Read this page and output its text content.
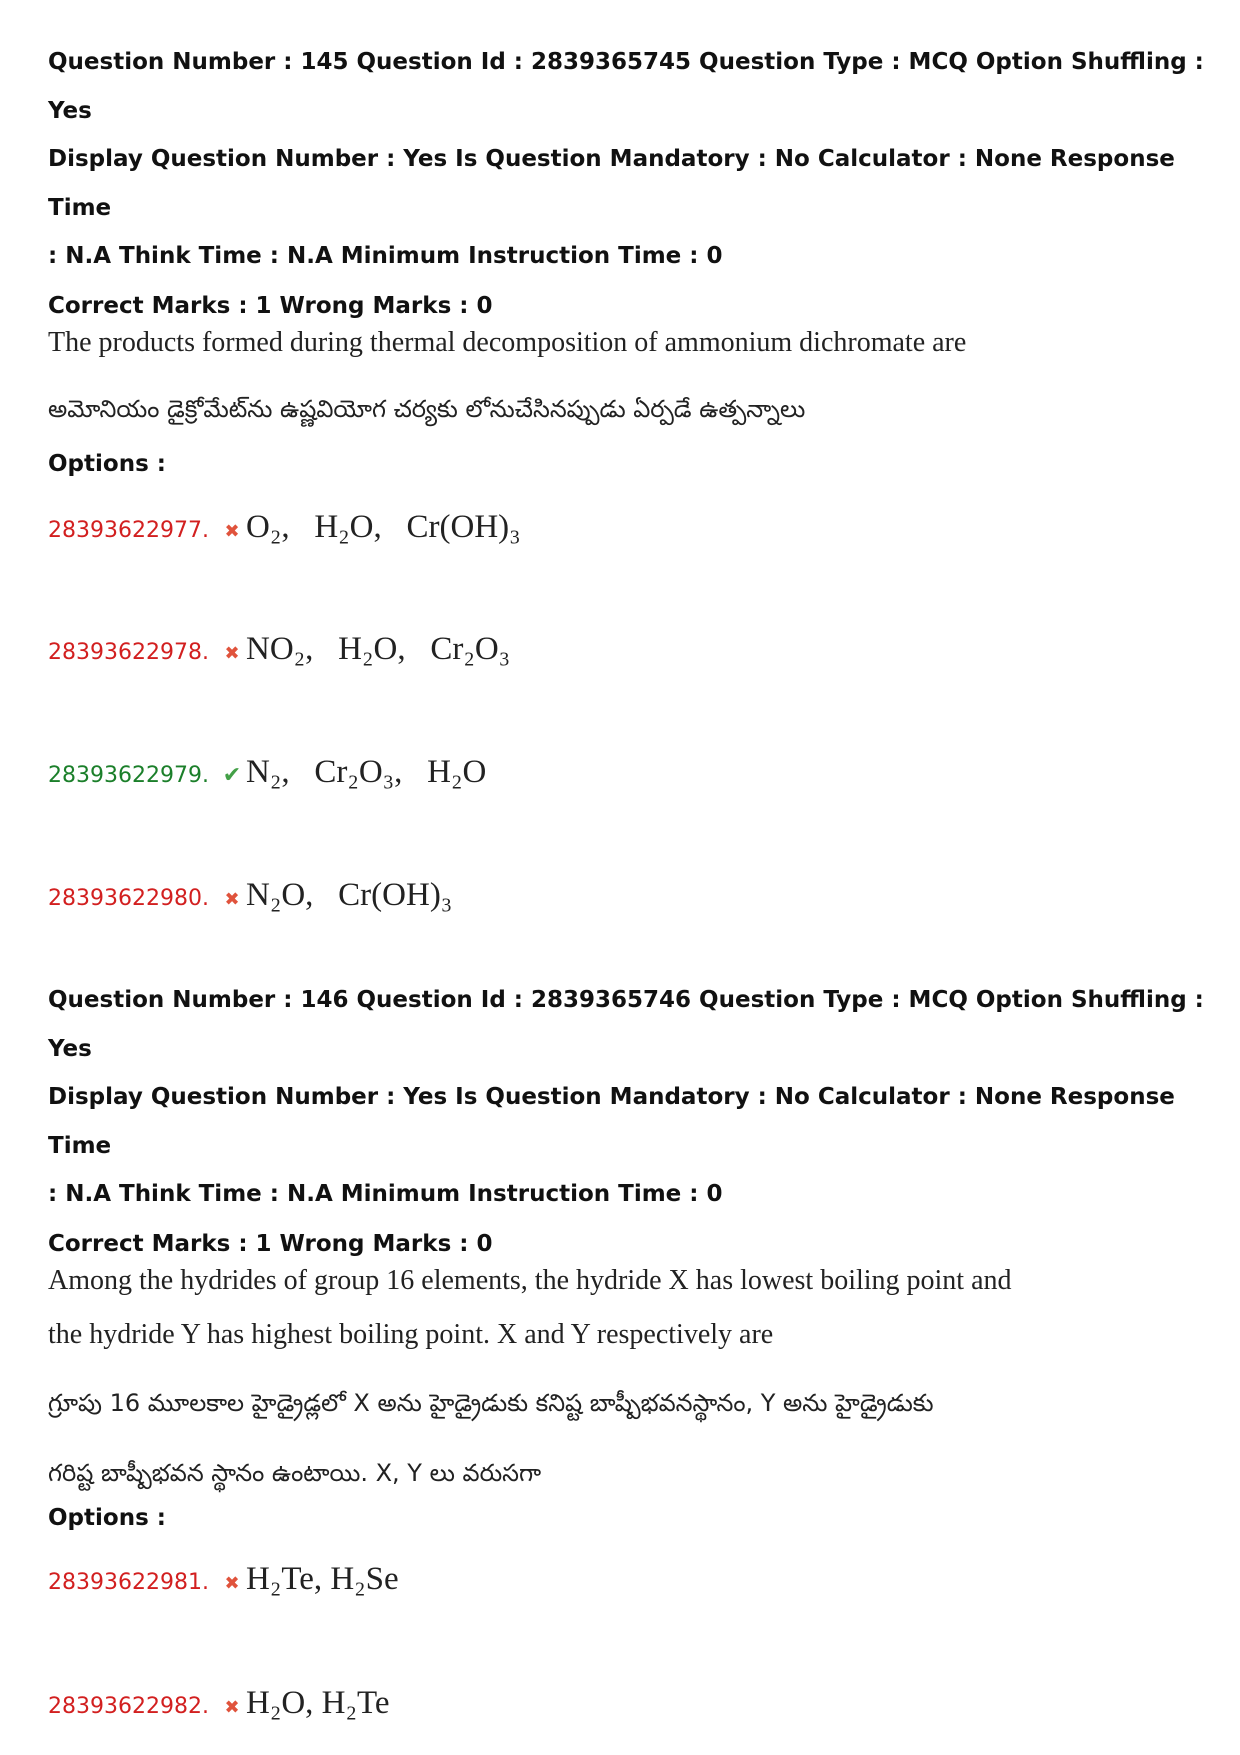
Question Number : 145 Question Id : 2839365745 Question Type : MCQ Option Shuffling : Yes
Display Question Number : Yes Is Question Mandatory : No Calculator : None Response Time
: N.A Think Time : N.A Minimum Instruction Time : 0
Correct Marks : 1 Wrong Marks : 0
The products formed during thermal decomposition of ammonium dichromate are
అమోనియం డైక్రోమేట్‌ను ఉష్ణవియోగ చర్యకు లోనుచేసినప్పుడు ఏర్పడే ఉత్పన్నాలు
Options :
28393622977. ✖ O₂,   H₂O,   Cr(OH)₃
28393622978. ✖ NO₂,   H₂O,   Cr₂O₃
28393622979. ✔ N₂,   Cr₂O₃,   H₂O
28393622980. ✖ N₂O,   Cr(OH)₃
Question Number : 146 Question Id : 2839365746 Question Type : MCQ Option Shuffling : Yes
Display Question Number : Yes Is Question Mandatory : No Calculator : None Response Time
: N.A Think Time : N.A Minimum Instruction Time : 0
Correct Marks : 1 Wrong Marks : 0
Among the hydrides of group 16 elements, the hydride X has lowest boiling point and
the hydride Y has highest boiling point. X and Y respectively are
గ్రూపు 16 మూలకాల హైడ్రైడ్లలో X అను హైడ్రైడుకు కనిష్ట బాష్పీభవనస్థానం, Y అను హైడ్రైడుకు
గరిష్ట బాష్పీభవన స్థానం ఉంటాయి. X, Y లు వరుసగా
Options :
28393622981. ✖ H₂Te, H₂Se
28393622982. ✖ H₂O, H₂Te
